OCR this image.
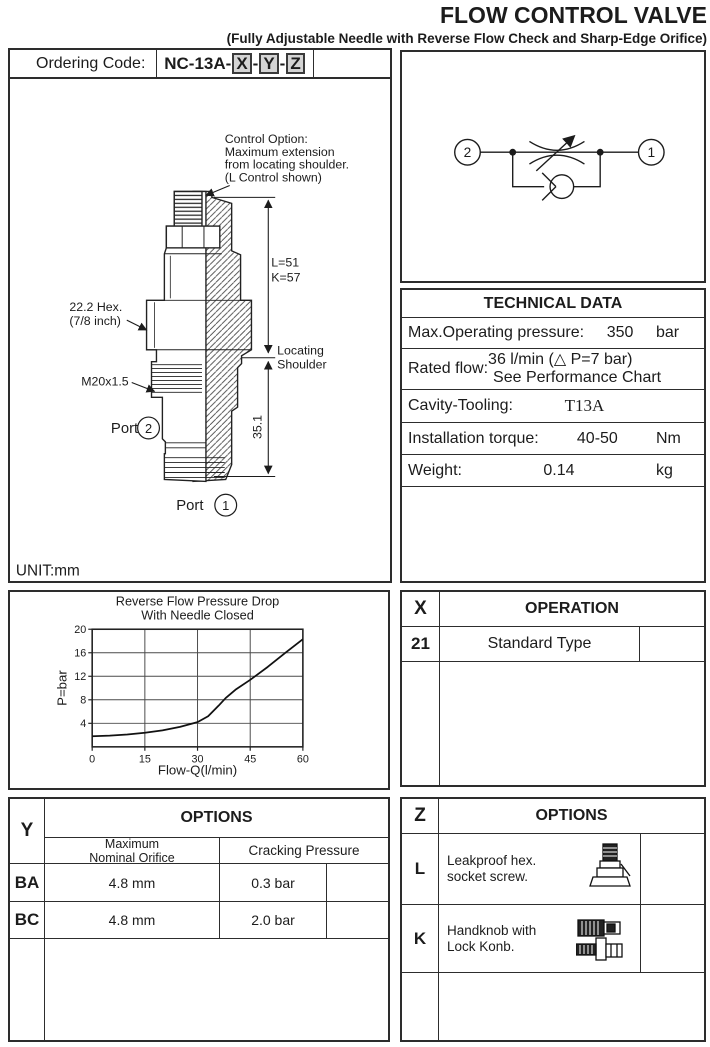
FLOW CONTROL VALVE
(Fully Adjustable Needle with Reverse Flow Check and Sharp-Edge Orifice)
Ordering Code:	NC-13A- X - Y - Z
Control Option:
Maximum extension
from locating shoulder.
(L Control shown)
22.2 Hex.
(7/8 inch)
M20x1.5
L=51
K=57
Locating
Shoulder
35.1
Port 2
Port 1
UNIT:mm
2	1
TECHNICAL DATA
Max.Operating pressure:	350	bar
Rated flow:
36 l/min (△ P=7 bar)
See Performance Chart
Cavity-Tooling:	T13A
Installation torque:	40-50	Nm
Weight:	0.14	kg
0	15	30	45	60
4
8
12
16
20
Reverse Flow Pressure Drop
With Needle Closed
Flow-Q(l/min)
P=bar
X	OPERATION
21	Standard Type
Y
OPTIONS
Maximum
Nominal Orifice	Cracking Pressure
BA	4.8 mm	0.3 bar
BC	4.8 mm	2.0 bar
Z	OPTIONS
L	Leakproof hex.
socket screw.
K	Handknob with
Lock Konb.
